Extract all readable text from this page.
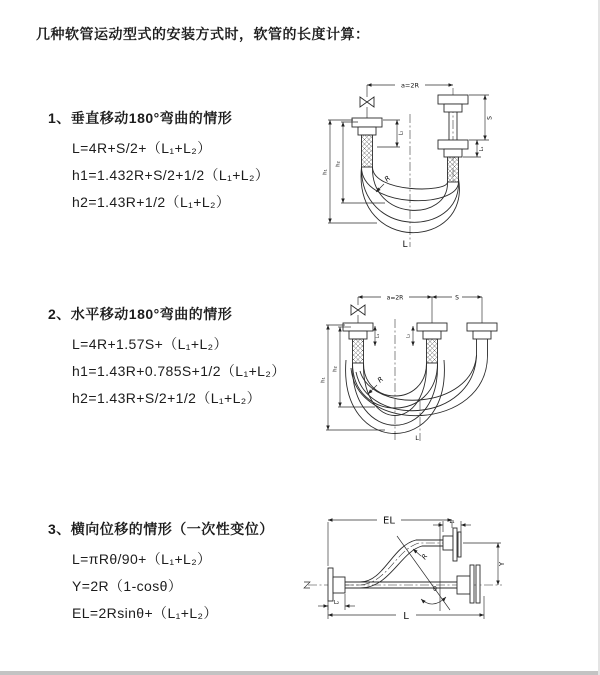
几种软管运动型式的安装方式时，软管的长度计算：
1、垂直移动180°弯曲的情形
L=4R+S/2+（L₁+L₂）
h1=1.432R+S/2+1/2（L₁+L₂）
h2=1.43R+1/2（L₁+L₂）
2、水平移动180°弯曲的情形
L=4R+1.57S+（L₁+L₂）
h1=1.43R+0.785S+1/2（L₁+L₂）
h2=1.43R+S/2+1/2（L₁+L₂）
3、横向位移的情形（一次性变位）
L=πRθ/90+（L₁+L₂）
Y=2R（1-cosθ）
EL=2Rsinθ+（L₁+L₂）
a=2R
h₁
h₂
S
L₁
L₂
R
L
a=2R	S
L₁	L₂
h₁
h₂
R
L
EL	L₁
L₂
L
Y
θ
R
